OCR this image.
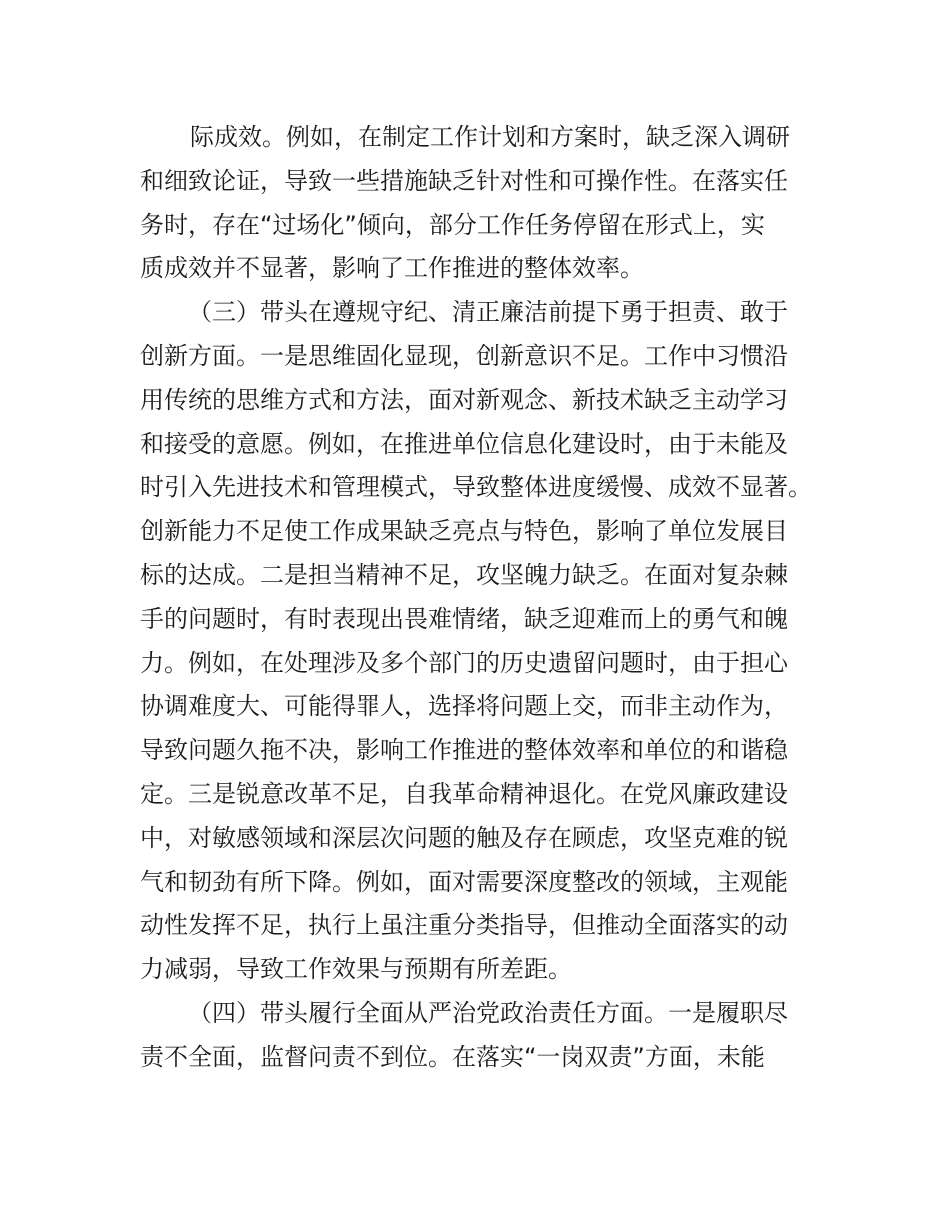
际成效。例如，在制定工作计划和方案时，缺乏深入调研
和细致论证，导致一些措施缺乏针对性和可操作性。在落实任
务时，存在“过场化”倾向，部分工作任务停留在形式上，实
质成效并不显著，影响了工作推进的整体效率。
（三）带头在遵规守纪、清正廉洁前提下勇于担责、敢于
创新方面。一是思维固化显现，创新意识不足。工作中习惯沿
用传统的思维方式和方法，面对新观念、新技术缺乏主动学习
和接受的意愿。例如，在推进单位信息化建设时，由于未能及
时引入先进技术和管理模式，导致整体进度缓慢、成效不显著。
创新能力不足使工作成果缺乏亮点与特色，影响了单位发展目
标的达成。二是担当精神不足，攻坚魄力缺乏。在面对复杂棘
手的问题时，有时表现出畏难情绪，缺乏迎难而上的勇气和魄
力。例如，在处理涉及多个部门的历史遗留问题时，由于担心
协调难度大、可能得罪人，选择将问题上交，而非主动作为，
导致问题久拖不决，影响工作推进的整体效率和单位的和谐稳
定。三是锐意改革不足，自我革命精神退化。在党风廉政建设
中，对敏感领域和深层次问题的触及存在顾虑，攻坚克难的锐
气和韧劲有所下降。例如，面对需要深度整改的领域，主观能
动性发挥不足，执行上虽注重分类指导，但推动全面落实的动
力减弱，导致工作效果与预期有所差距。
（四）带头履行全面从严治党政治责任方面。一是履职尽
责不全面，监督问责不到位。在落实“一岗双责”方面，未能
